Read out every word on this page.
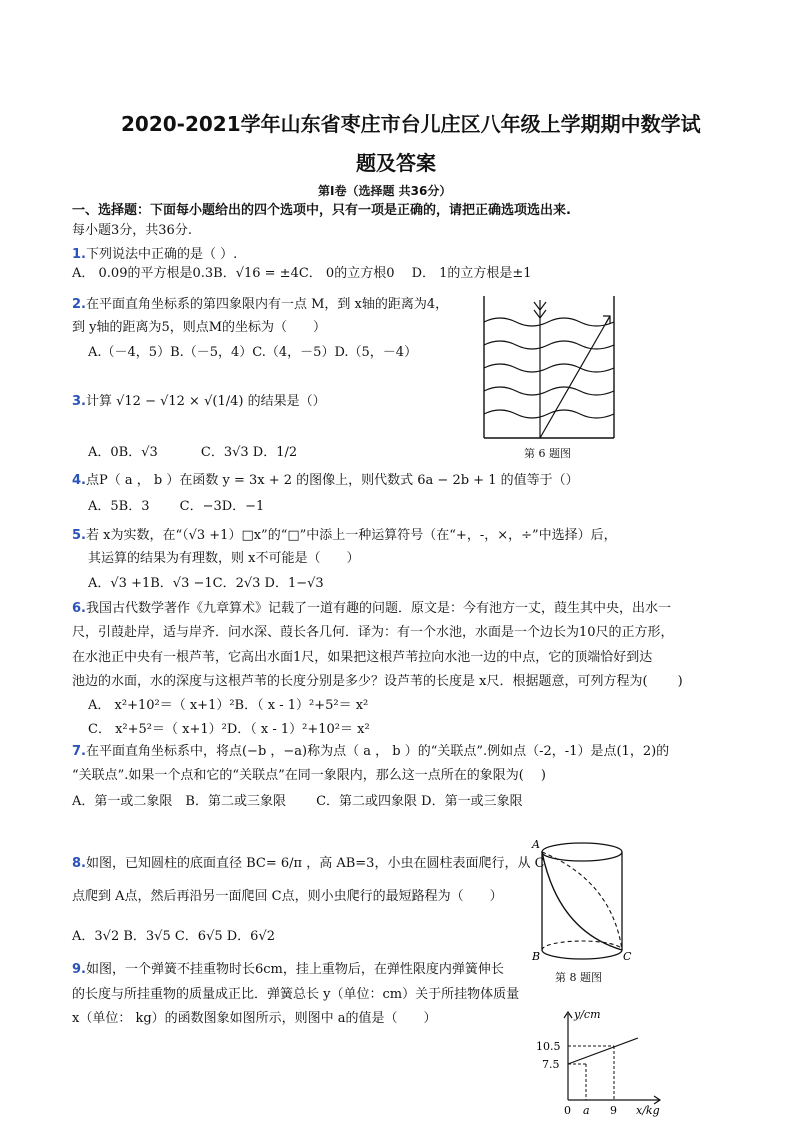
2020-2021学年山东省枣庄市台儿庄区八年级上学期期中数学试
题及答案
第Ⅰ卷（选择题 共36分）
一、选择题：下面每小题给出的四个选项中，只有一项是正确的，请把正确选项选出来.
每小题3分，共36分.
1.下列说法中正确的是（ ）.
A． 0.09的平方根是0.3B．√16 = ±4C． 0的立方根0　 D． 1的立方根是±1
2.在平面直角坐标系的第四象限内有一点 M，到 x轴的距离为4，
到 y轴的距离为5，则点M的坐标为（　　）
A.（－4，5）B.（－5，4）C.（4，－5）D.（5，－4）
3.计算 √12 − √12 × √(1/4) 的结果是（）
A．0B．√3　　　 C．3√3 D．1/2	第 6 题图
4.点P（ a ， b ）在函数 y = 3x + 2 的图像上，则代数式 6a − 2b + 1 的值等于（）
A．5B．3　　 C．−3D．−1
5.若 x为实数，在“（√3 +1）□x”的“□”中添上一种运算符号（在“+，-，×，÷”中选择）后，
其运算的结果为有理数，则 x不可能是（　　）
A．√3 +1B．√3 −1C．2√3 D．1−√3
6.我国古代数学著作《九章算术》记载了一道有趣的问题．原文是：今有池方一丈，葭生其中央，出水一
尺，引葭赴岸，适与岸齐．问水深、葭长各几何．译为：有一个水池，水面是一个边长为10尺的正方形，
在水池正中央有一根芦苇，它高出水面1尺，如果把这根芦苇拉向水池一边的中点，它的顶端恰好到达
池边的水面，水的深度与这根芦苇的长度分别是多少？设芦苇的长度是 x尺．根据题意，可列方程为(　　 )
A． x²+10²＝（ x+1）²B．（ x - 1）²+5²＝ x²
C． x²+5²＝（ x+1）²D．（ x - 1）²+10²＝ x²
7.在平面直角坐标系中，将点(−b ，−a)称为点（ a ， b ）的“关联点”.例如点（-2，-1）是点(1，2)的
“关联点”.如果一个点和它的“关联点”在同一象限内，那么这一点所在的象限为(　 )
A．第一或二象限　B．第二或三象限　　 C．第二或四象限 D．第一或三象限
8.如图，已知圆柱的底面直径 BC= 6/π ，高 AB=3，小虫在圆柱表面爬行，从 C
点爬到 A点，然后再沿另一面爬回 C点，则小虫爬行的最短路程为（　　）
A．3√2 B．3√5 C．6√5 D．6√2
A
B	C
第 8 题图
9.如图，一个弹簧不挂重物时长6cm，挂上重物后，在弹性限度内弹簧伸长
的长度与所挂重物的质量成正比．弹簧总长 y（单位：cm）关于所挂物体质量
x（单位： kg）的函数图象如图所示，则图中 a的值是（　　）	y/cm
10.5
7.5
0 a 9 x/kg
